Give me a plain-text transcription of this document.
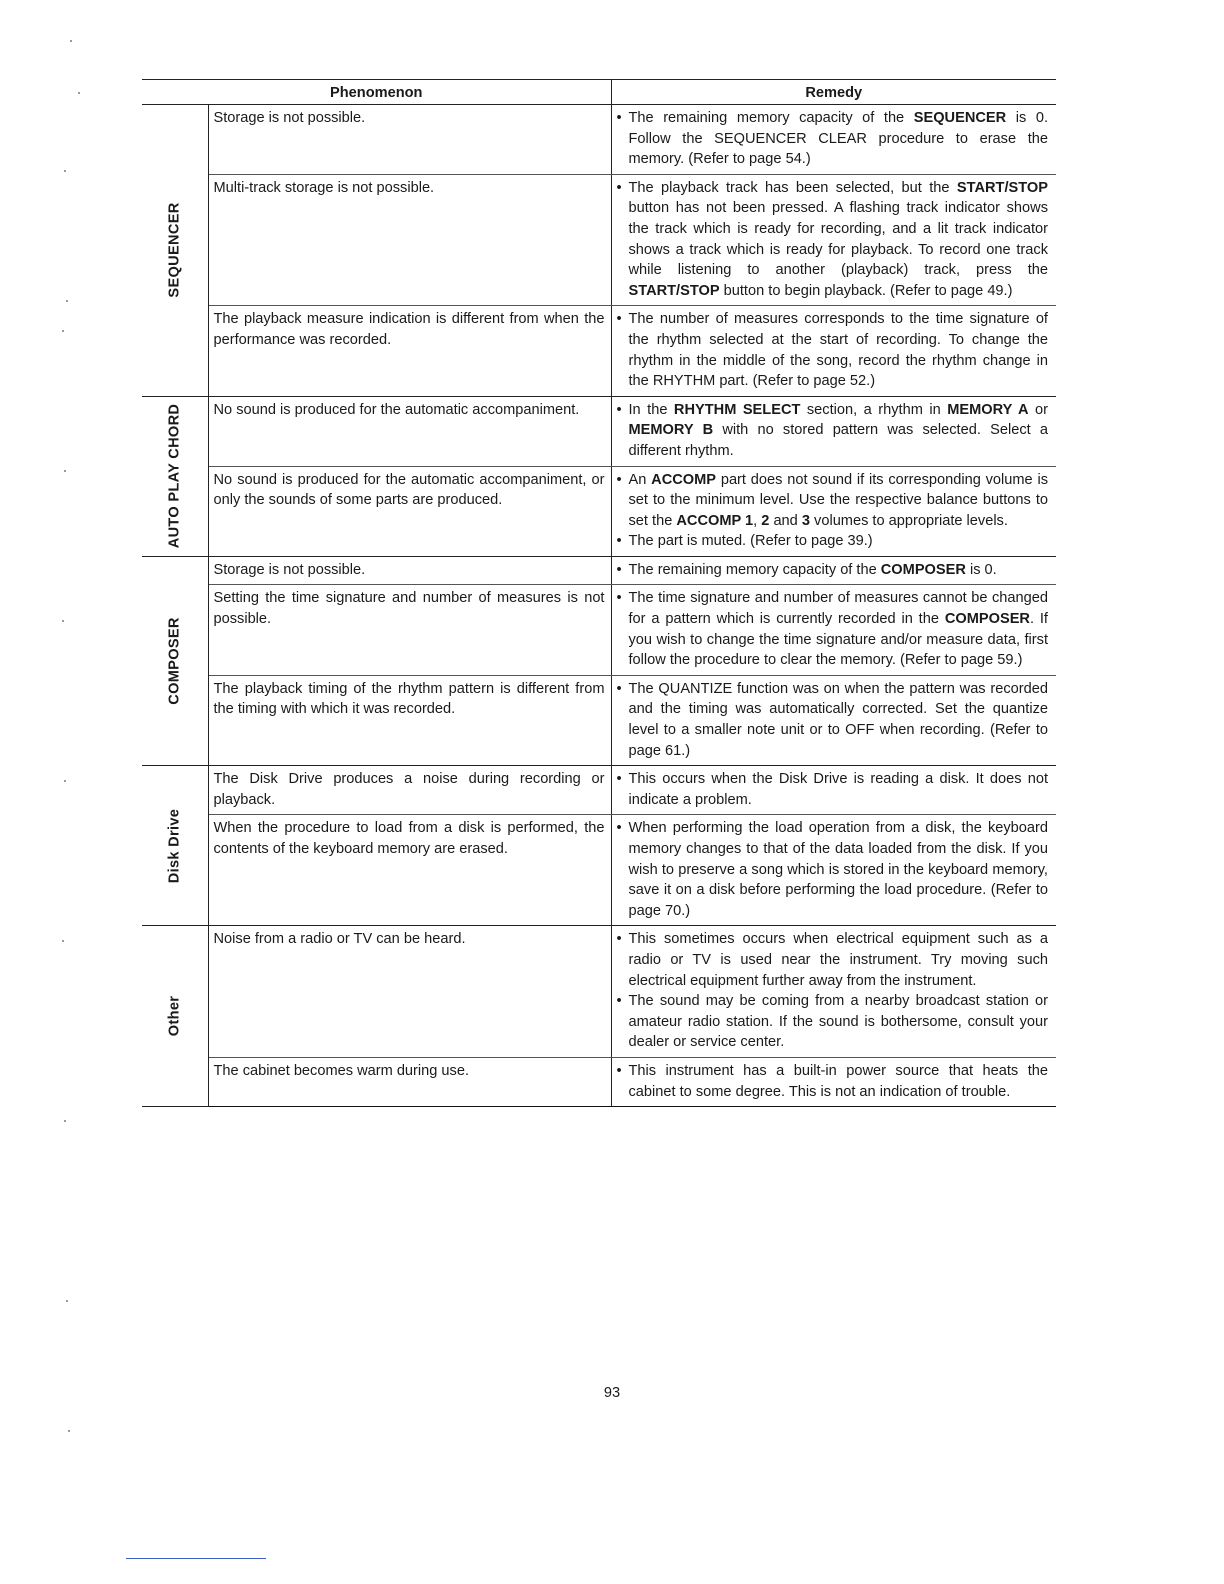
Phenomenon		Remedy

SEQUENCER	Storage is not possible.	• The remaining memory capacity of the SEQUENCER is 0. Follow the SEQUENCER CLEAR procedure to erase the memory. (Refer to page 54.)

	Multi-track storage is not possible.	• The playback track has been selected, but the START/STOP button has not been pressed. A flashing track indicator shows the track which is ready for recording, and a lit track indicator shows a track which is ready for playback. To record one track while listening to another (playback) track, press the START/STOP button to begin playback. (Refer to page 49.)

	The playback measure indication is different from when the performance was recorded.	• The number of measures corresponds to the time signature of the rhythm selected at the start of recording. To change the rhythm in the middle of the song, record the rhythm change in the RHYTHM part. (Refer to page 52.)

AUTO PLAY CHORD	No sound is produced for the automatic accompaniment.	• In the RHYTHM SELECT section, a rhythm in MEMORY A or MEMORY B with no stored pattern was selected. Select a different rhythm.

	No sound is produced for the automatic accompaniment, or only the sounds of some parts are produced.	• An ACCOMP part does not sound if its corresponding volume is set to the minimum level. Use the respective balance buttons to set the ACCOMP 1, 2 and 3 volumes to appropriate levels.
• The part is muted. (Refer to page 39.)

COMPOSER	Storage is not possible.	• The remaining memory capacity of the COMPOSER is 0.

	Setting the time signature and number of measures is not possible.	• The time signature and number of measures cannot be changed for a pattern which is currently recorded in the COMPOSER. If you wish to change the time signature and/or measure data, first follow the procedure to clear the memory. (Refer to page 59.)

	The playback timing of the rhythm pattern is different from the timing with which it was recorded.	• The QUANTIZE function was on when the pattern was recorded and the timing was automatically corrected. Set the quantize level to a smaller note unit or to OFF when recording. (Refer to page 61.)

Disk Drive	The Disk Drive produces a noise during recording or playback.	• This occurs when the Disk Drive is reading a disk. It does not indicate a problem.

	When the procedure to load from a disk is performed, the contents of the keyboard memory are erased.	• When performing the load operation from a disk, the keyboard memory changes to that of the data loaded from the disk. If you wish to preserve a song which is stored in the keyboard memory, save it on a disk before performing the load procedure. (Refer to page 70.)

Other	Noise from a radio or TV can be heard.	• This sometimes occurs when electrical equipment such as a radio or TV is used near the instrument. Try moving such electrical equipment further away from the instrument.
• The sound may be coming from a nearby broadcast station or amateur radio station. If the sound is bothersome, consult your dealer or service center.

	The cabinet becomes warm during use.	• This instrument has a built-in power source that heats the cabinet to some degree. This is not an indication of trouble.
93
